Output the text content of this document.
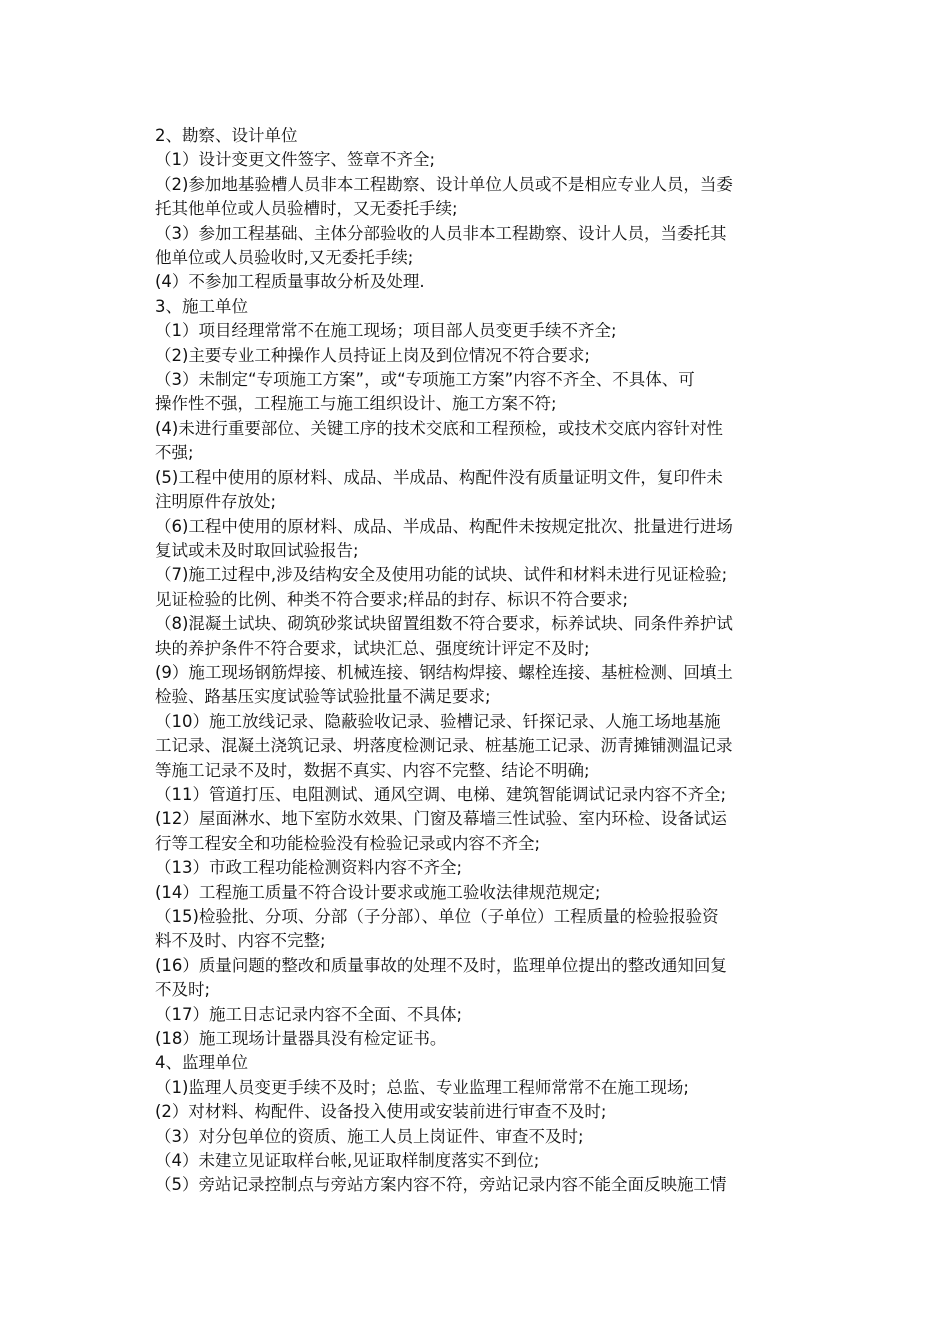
2、勘察、设计单位
（1）设计变更文件签字、签章不齐全;
（2)参加地基验槽人员非本工程勘察、设计单位人员或不是相应专业人员，当委
托其他单位或人员验槽时，又无委托手续;
（3）参加工程基础、主体分部验收的人员非本工程勘察、设计人员，当委托其
他单位或人员验收时,又无委托手续;
(4）不参加工程质量事故分析及处理.
3、施工单位
（1）项目经理常常不在施工现场；项目部人员变更手续不齐全;
（2)主要专业工种操作人员持证上岗及到位情况不符合要求;
（3）未制定“专项施工方案”，或“专项施工方案”内容不齐全、不具体、可
操作性不强，工程施工与施工组织设计、施工方案不符;
(4)未进行重要部位、关键工序的技术交底和工程预检，或技术交底内容针对性
不强;
(5)工程中使用的原材料、成品、半成品、构配件没有质量证明文件，复印件未
注明原件存放处;
（6)工程中使用的原材料、成品、半成品、构配件未按规定批次、批量进行进场
复试或未及时取回试验报告;
（7)施工过程中,涉及结构安全及使用功能的试块、试件和材料未进行见证检验;
见证检验的比例、种类不符合要求;样品的封存、标识不符合要求;
（8)混凝土试块、砌筑砂浆试块留置组数不符合要求，标养试块、同条件养护试
块的养护条件不符合要求，试块汇总、强度统计评定不及时;
(9）施工现场钢筋焊接、机械连接、钢结构焊接、螺栓连接、基桩检测、回填土
检验、路基压实度试验等试验批量不满足要求;
（10）施工放线记录、隐蔽验收记录、验槽记录、钎探记录、人施工场地基施
工记录、混凝土浇筑记录、坍落度检测记录、桩基施工记录、沥青摊铺测温记录
等施工记录不及时，数据不真实、内容不完整、结论不明确;
（11）管道打压、电阻测试、通风空调、电梯、建筑智能调试记录内容不齐全;
(12）屋面淋水、地下室防水效果、门窗及幕墙三性试验、室内环检、设备试运
行等工程安全和功能检验没有检验记录或内容不齐全;
（13）市政工程功能检测资料内容不齐全;
(14）工程施工质量不符合设计要求或施工验收法律规范规定;
（15)检验批、分项、分部（子分部）、单位（子单位）工程质量的检验报验资
料不及时、内容不完整;
(16）质量问题的整改和质量事故的处理不及时，监理单位提出的整改通知回复
不及时;
（17）施工日志记录内容不全面、不具体;
(18）施工现场计量器具没有检定证书。
4、监理单位
（1)监理人员变更手续不及时；总监、专业监理工程师常常不在施工现场;
(2）对材料、构配件、设备投入使用或安装前进行审查不及时;
（3）对分包单位的资质、施工人员上岗证件、审查不及时;
（4）未建立见证取样台帐,见证取样制度落实不到位;
（5）旁站记录控制点与旁站方案内容不符，旁站记录内容不能全面反映施工情
